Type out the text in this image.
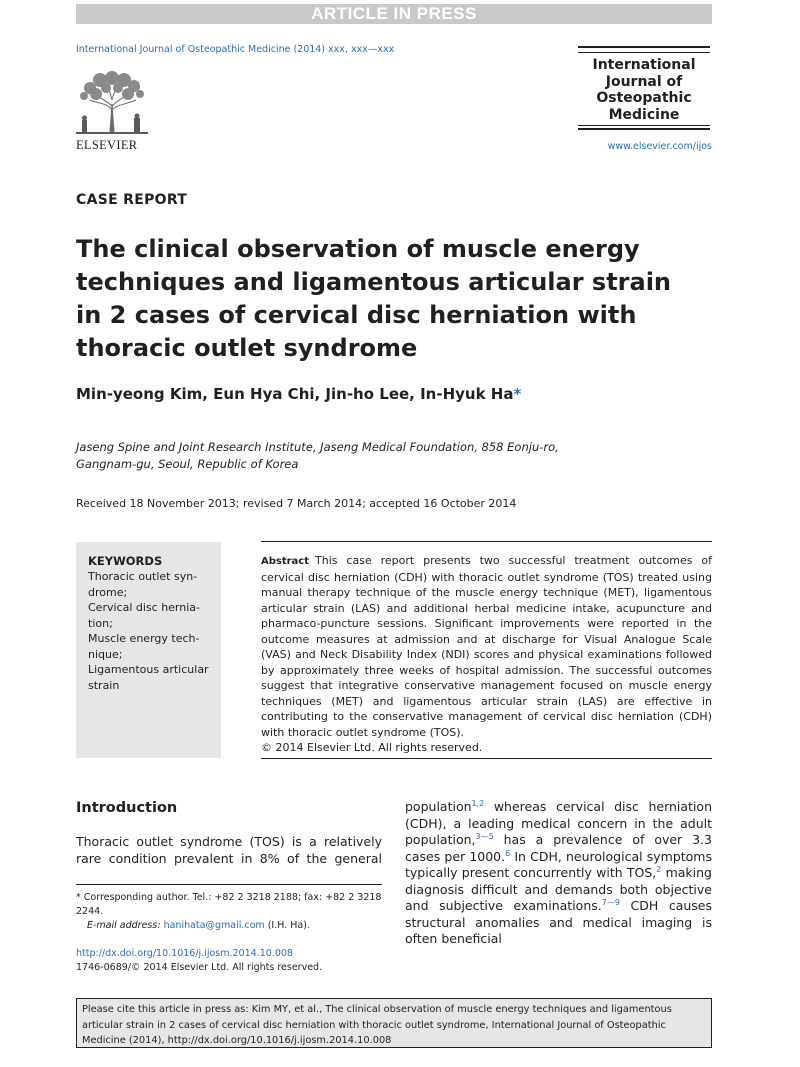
ARTICLE IN PRESS
International Journal of Osteopathic Medicine (2014) xxx, xxx—xxx
ELSEVIER
International
Journal of
Osteopathic
Medicine
www.elsevier.com/ijos
CASE REPORT
The clinical observation of muscle energy techniques and ligamentous articular strain in 2 cases of cervical disc herniation with thoracic outlet syndrome
Min-yeong Kim, Eun Hya Chi, Jin-ho Lee, In-Hyuk Ha*
Jaseng Spine and Joint Research Institute, Jaseng Medical Foundation, 858 Eonju-ro,
Gangnam-gu, Seoul, Republic of Korea
Received 18 November 2013; revised 7 March 2014; accepted 16 October 2014
KEYWORDS
Thoracic outlet syn-
drome;
Cervical disc hernia-
tion;
Muscle energy tech-
nique;
Ligamentous articular
strain
Abstract This case report presents two successful treatment outcomes of cervical disc herniation (CDH) with thoracic outlet syndrome (TOS) treated using manual therapy technique of the muscle energy technique (MET), ligamentous articular strain (LAS) and additional herbal medicine intake, acupuncture and pharmaco-puncture sessions. Significant improvements were reported in the outcome measures at admission and at discharge for Visual Analogue Scale (VAS) and Neck Disability Index (NDI) scores and physical examinations followed by approximately three weeks of hospital admission. The successful outcomes suggest that integrative conservative management focused on muscle energy techniques (MET) and ligamentous articular strain (LAS) are effective in contributing to the conservative management of cervical disc herniation (CDH) with thoracic outlet syndrome (TOS).
© 2014 Elsevier Ltd. All rights reserved.
Introduction
Thoracic outlet syndrome (TOS) is a relatively rare condition prevalent in 8% of the general
* Corresponding author. Tel.: +82 2 3218 2188; fax: +82 2 3218 2244.
E-mail address: hanihata@gmail.com (I.H. Ha).
http://dx.doi.org/10.1016/j.ijosm.2014.10.008
1746-0689/© 2014 Elsevier Ltd. All rights reserved.
population$^{1,2}$ whereas cervical disc herniation (CDH), a leading medical concern in the adult population,$^{3—5}$ has a prevalence of over 3.3 cases per 1000.$^6$ In CDH, neurological symptoms typically present concurrently with TOS,$^2$ making diagnosis difficult and demands both objective and subjective examinations.$^{7—9}$ CDH causes structural anomalies and medical imaging is often beneficial
Please cite this article in press as: Kim MY, et al., The clinical observation of muscle energy techniques and ligamentous articular strain in 2 cases of cervical disc herniation with thoracic outlet syndrome, International Journal of Osteopathic Medicine (2014), http://dx.doi.org/10.1016/j.ijosm.2014.10.008
